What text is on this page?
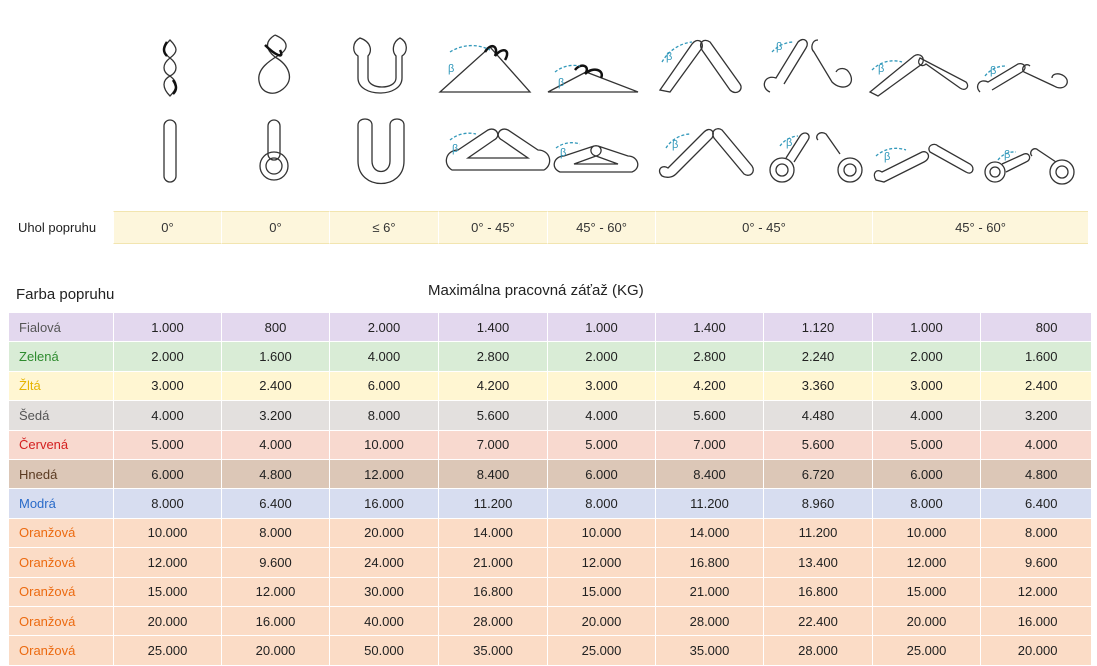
β
β
β
β
β	β
β	β
β	β
β	β
Uhol popruhu	0°	0°	≤ 6°	0° - 45°	45° - 60°	0° - 45°	45° - 60°
Farba popruhu	Maximálna pracovná záťaž (KG)
Fialová	1.000	800	2.000	1.400	1.000	1.400	1.120	1.000	800
Zelená	2.000	1.600	4.000	2.800	2.000	2.800	2.240	2.000	1.600
Žltá	3.000	2.400	6.000	4.200	3.000	4.200	3.360	3.000	2.400
Šedá	4.000	3.200	8.000	5.600	4.000	5.600	4.480	4.000	3.200
Červená	5.000	4.000	10.000	7.000	5.000	7.000	5.600	5.000	4.000
Hnedá	6.000	4.800	12.000	8.400	6.000	8.400	6.720	6.000	4.800
Modrá	8.000	6.400	16.000	11.200	8.000	11.200	8.960	8.000	6.400
Oranžová	10.000	8.000	20.000	14.000	10.000	14.000	11.200	10.000	8.000
Oranžová	12.000	9.600	24.000	21.000	12.000	16.800	13.400	12.000	9.600
Oranžová	15.000	12.000	30.000	16.800	15.000	21.000	16.800	15.000	12.000
Oranžová	20.000	16.000	40.000	28.000	20.000	28.000	22.400	20.000	16.000
Oranžová	25.000	20.000	50.000	35.000	25.000	35.000	28.000	25.000	20.000
